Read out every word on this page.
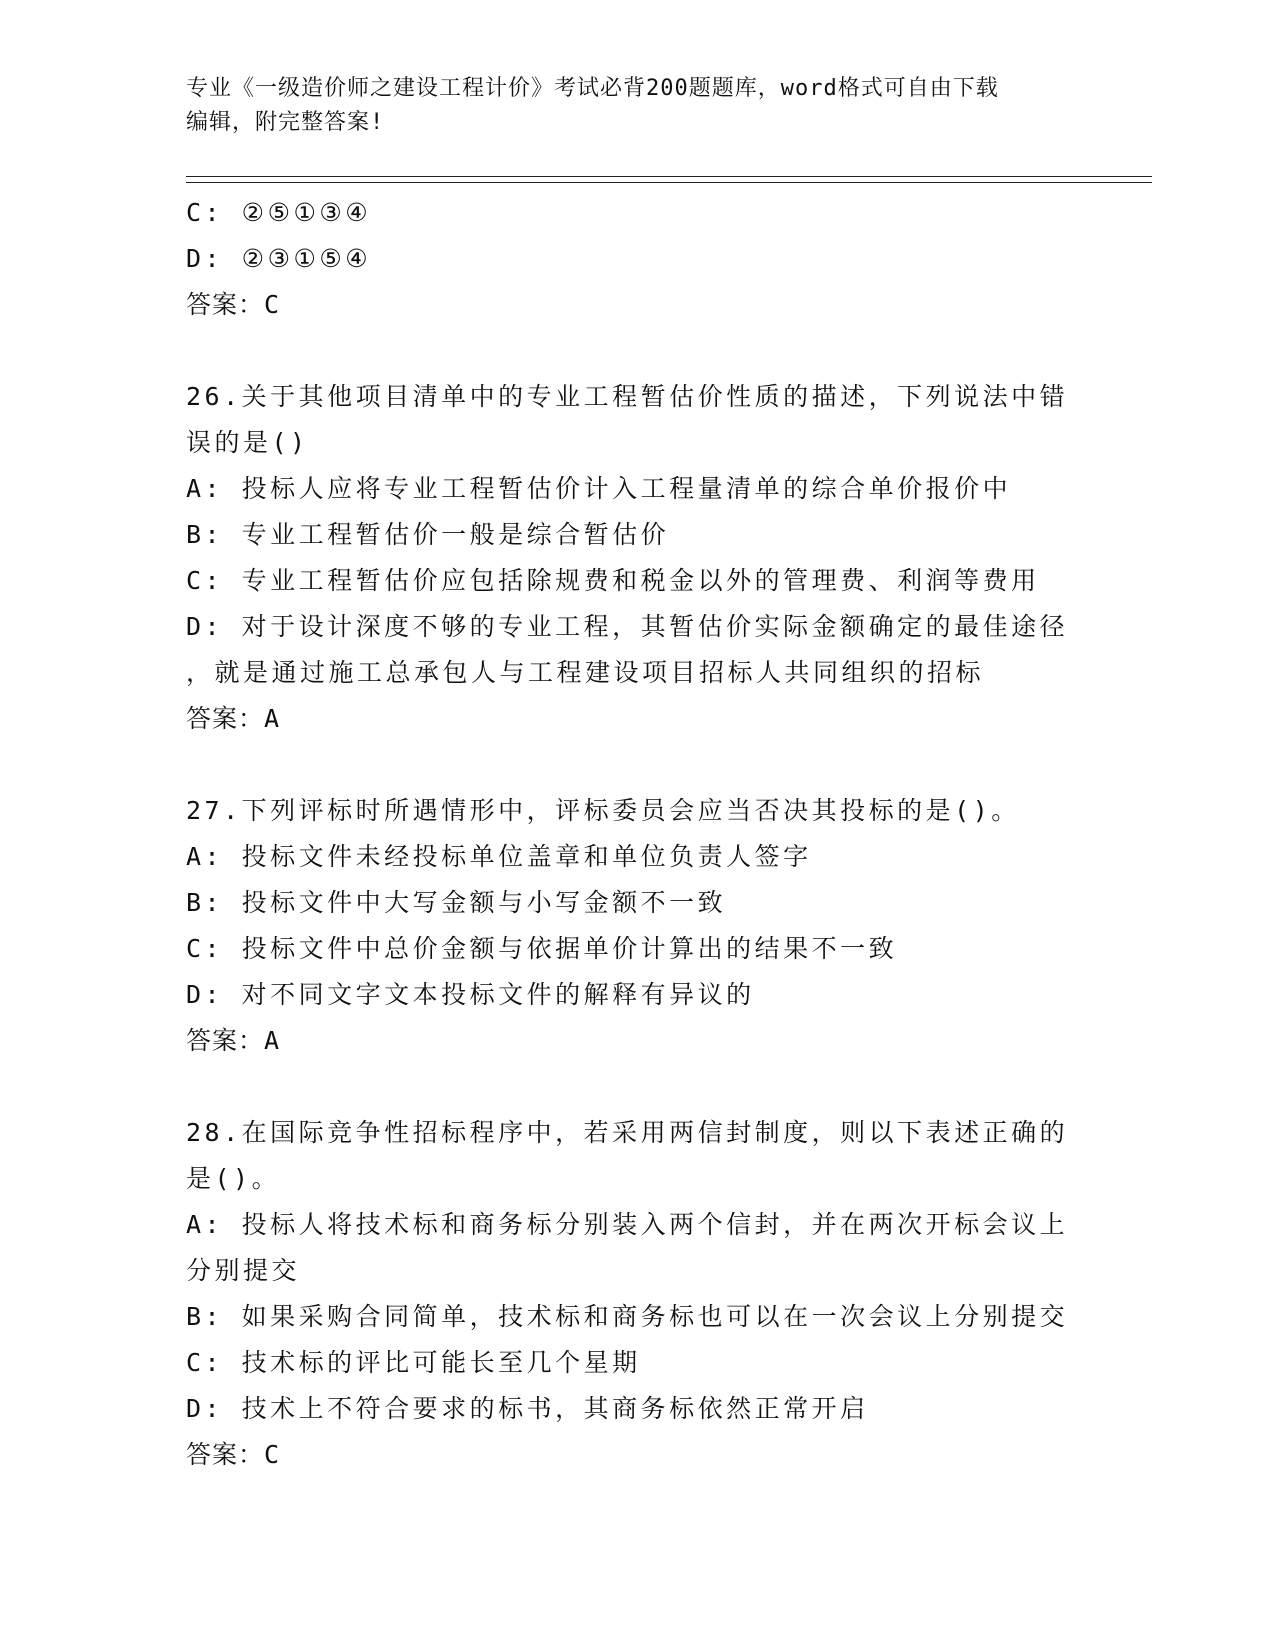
专业《一级造价师之建设工程计价》考试必背200题题库，word格式可自由下载
编辑，附完整答案!
C: ②⑤①③④
D: ②③①⑤④
答案：C
26.关于其他项目清单中的专业工程暂估价性质的描述，下列说法中错
误的是()
A: 投标人应将专业工程暂估价计入工程量清单的综合单价报价中
B: 专业工程暂估价一般是综合暂估价
C: 专业工程暂估价应包括除规费和税金以外的管理费、利润等费用
D: 对于设计深度不够的专业工程，其暂估价实际金额确定的最佳途径
，就是通过施工总承包人与工程建设项目招标人共同组织的招标
答案：A
27.下列评标时所遇情形中，评标委员会应当否决其投标的是()。
A: 投标文件未经投标单位盖章和单位负责人签字
B: 投标文件中大写金额与小写金额不一致
C: 投标文件中总价金额与依据单价计算出的结果不一致
D: 对不同文字文本投标文件的解释有异议的
答案：A
28.在国际竞争性招标程序中，若采用两信封制度，则以下表述正确的
是()。
A: 投标人将技术标和商务标分别装入两个信封，并在两次开标会议上
分别提交
B: 如果采购合同简单，技术标和商务标也可以在一次会议上分别提交
C: 技术标的评比可能长至几个星期
D: 技术上不符合要求的标书，其商务标依然正常开启
答案：C
